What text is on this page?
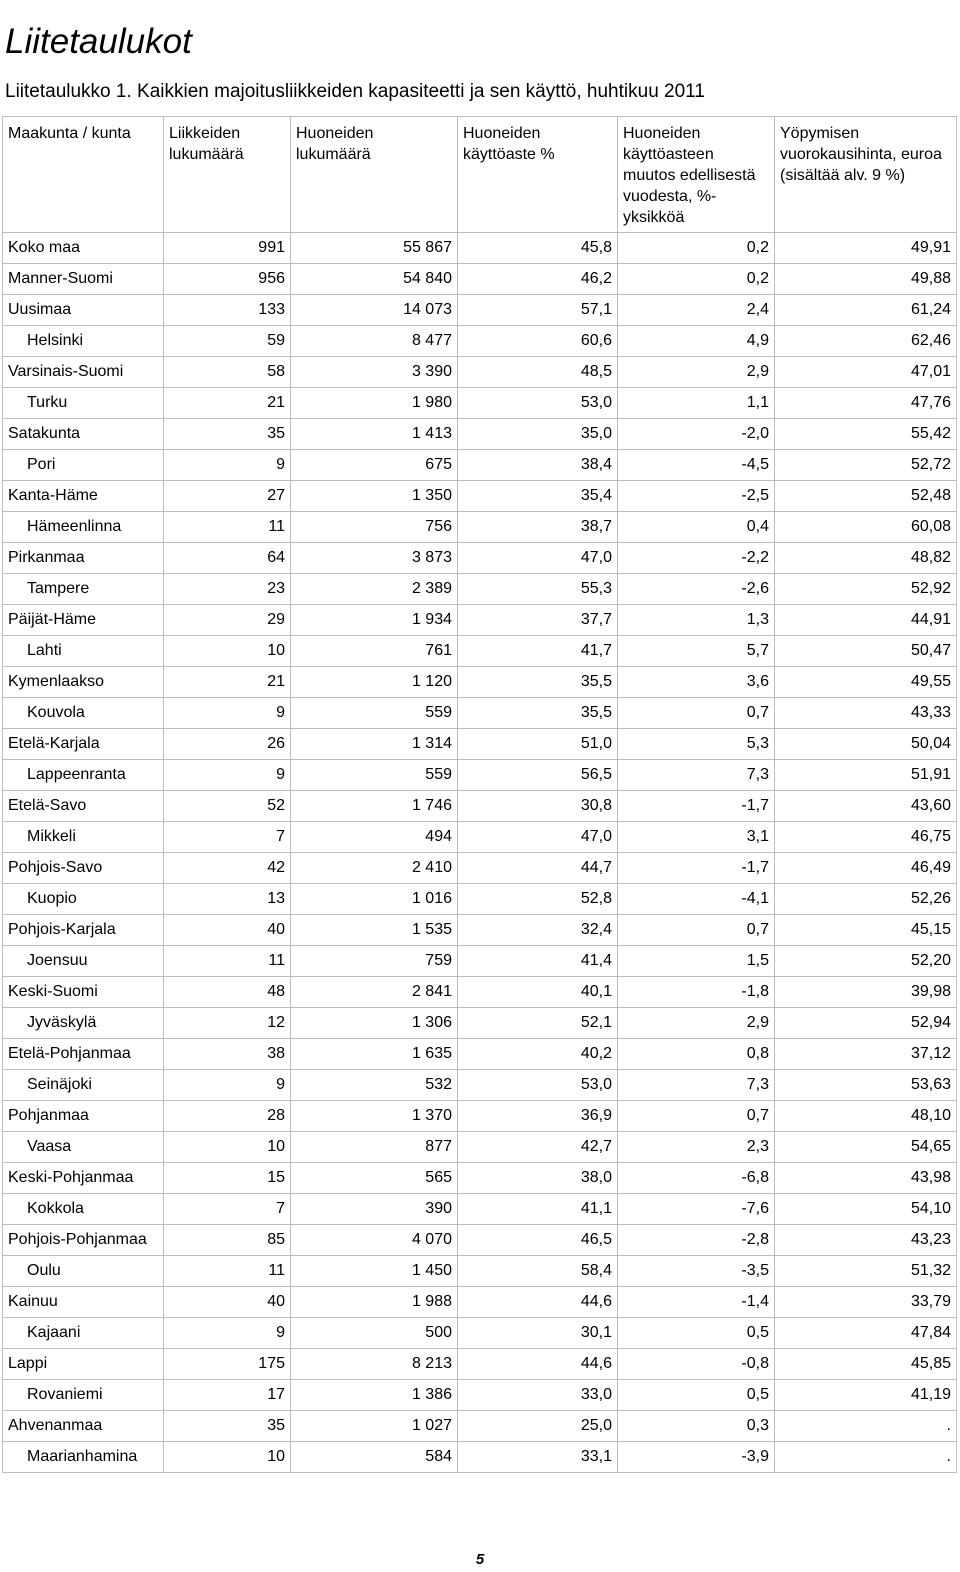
Liitetaulukot
Liitetaulukko 1. Kaikkien majoitusliikkeiden kapasiteetti ja sen käyttö, huhtikuu 2011
Maakunta / kunta	Liikkeiden lukumäärä	Huoneiden lukumäärä	Huoneiden käyttöaste %	Huoneiden käyttöasteen muutos edellisestä vuodesta, %-yksikköä	Yöpymisen vuorokausihinta, euroa (sisältää alv. 9 %)
Koko maa	991	55 867	45,8	0,2	49,91
Manner-Suomi	956	54 840	46,2	0,2	49,88
Uusimaa	133	14 073	57,1	2,4	61,24
Helsinki	59	8 477	60,6	4,9	62,46
Varsinais-Suomi	58	3 390	48,5	2,9	47,01
Turku	21	1 980	53,0	1,1	47,76
Satakunta	35	1 413	35,0	-2,0	55,42
Pori	9	675	38,4	-4,5	52,72
Kanta-Häme	27	1 350	35,4	-2,5	52,48
Hämeenlinna	11	756	38,7	0,4	60,08
Pirkanmaa	64	3 873	47,0	-2,2	48,82
Tampere	23	2 389	55,3	-2,6	52,92
Päijät-Häme	29	1 934	37,7	1,3	44,91
Lahti	10	761	41,7	5,7	50,47
Kymenlaakso	21	1 120	35,5	3,6	49,55
Kouvola	9	559	35,5	0,7	43,33
Etelä-Karjala	26	1 314	51,0	5,3	50,04
Lappeenranta	9	559	56,5	7,3	51,91
Etelä-Savo	52	1 746	30,8	-1,7	43,60
Mikkeli	7	494	47,0	3,1	46,75
Pohjois-Savo	42	2 410	44,7	-1,7	46,49
Kuopio	13	1 016	52,8	-4,1	52,26
Pohjois-Karjala	40	1 535	32,4	0,7	45,15
Joensuu	11	759	41,4	1,5	52,20
Keski-Suomi	48	2 841	40,1	-1,8	39,98
Jyväskylä	12	1 306	52,1	2,9	52,94
Etelä-Pohjanmaa	38	1 635	40,2	0,8	37,12
Seinäjoki	9	532	53,0	7,3	53,63
Pohjanmaa	28	1 370	36,9	0,7	48,10
Vaasa	10	877	42,7	2,3	54,65
Keski-Pohjanmaa	15	565	38,0	-6,8	43,98
Kokkola	7	390	41,1	-7,6	54,10
Pohjois-Pohjanmaa	85	4 070	46,5	-2,8	43,23
Oulu	11	1 450	58,4	-3,5	51,32
Kainuu	40	1 988	44,6	-1,4	33,79
Kajaani	9	500	30,1	0,5	47,84
Lappi	175	8 213	44,6	-0,8	45,85
Rovaniemi	17	1 386	33,0	0,5	41,19
Ahvenanmaa	35	1 027	25,0	0,3	.
Maarianhamina	10	584	33,1	-3,9	.
5
